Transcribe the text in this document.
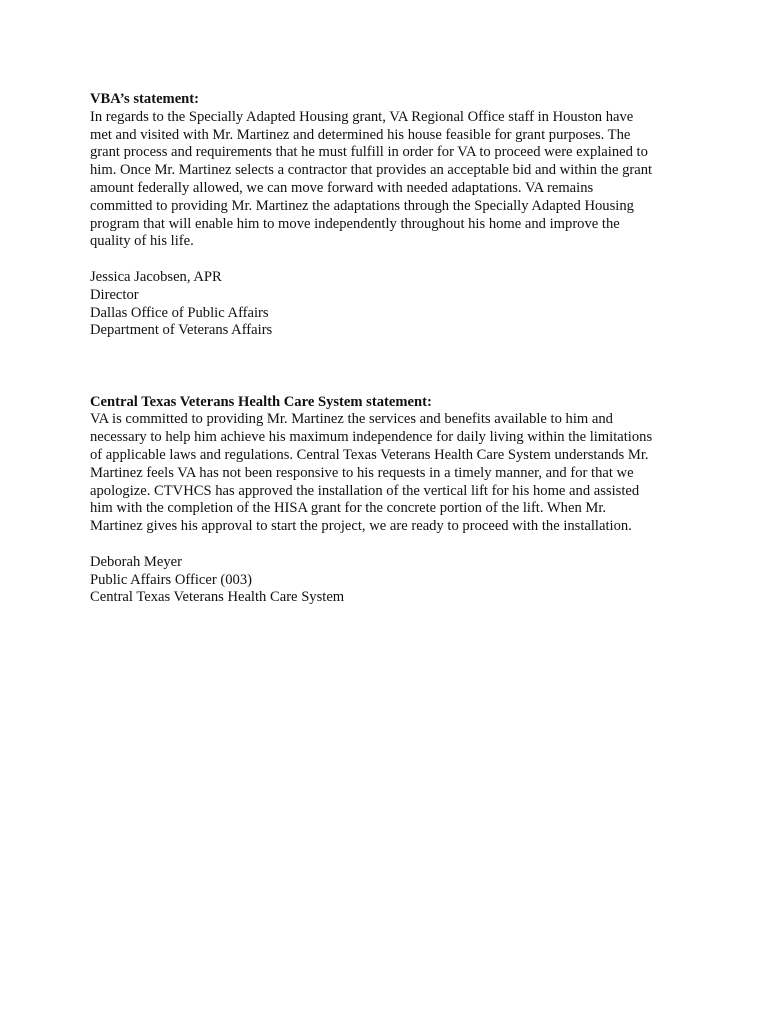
VBA’s statement:
In regards to the Specially Adapted Housing grant, VA Regional Office staff in Houston have
met and visited with Mr. Martinez and determined his house feasible for grant purposes. The
grant process and requirements that he must fulfill in order for VA to proceed were explained to
him. Once Mr. Martinez selects a contractor that provides an acceptable bid and within the grant
amount federally allowed, we can move forward with needed adaptations. VA remains
committed to providing Mr. Martinez the adaptations through the Specially Adapted Housing
program that will enable him to move independently throughout his home and improve the
quality of his life.
Jessica Jacobsen, APR
Director
Dallas Office of Public Affairs
Department of Veterans Affairs
Central Texas Veterans Health Care System statement:
VA is committed to providing Mr. Martinez the services and benefits available to him and
necessary to help him achieve his maximum independence for daily living within the limitations
of applicable laws and regulations. Central Texas Veterans Health Care System understands Mr.
Martinez feels VA has not been responsive to his requests in a timely manner, and for that we
apologize. CTVHCS has approved the installation of the vertical lift for his home and assisted
him with the completion of the HISA grant for the concrete portion of the lift. When Mr.
Martinez gives his approval to start the project, we are ready to proceed with the installation.
Deborah Meyer
Public Affairs Officer (003)
Central Texas Veterans Health Care System
